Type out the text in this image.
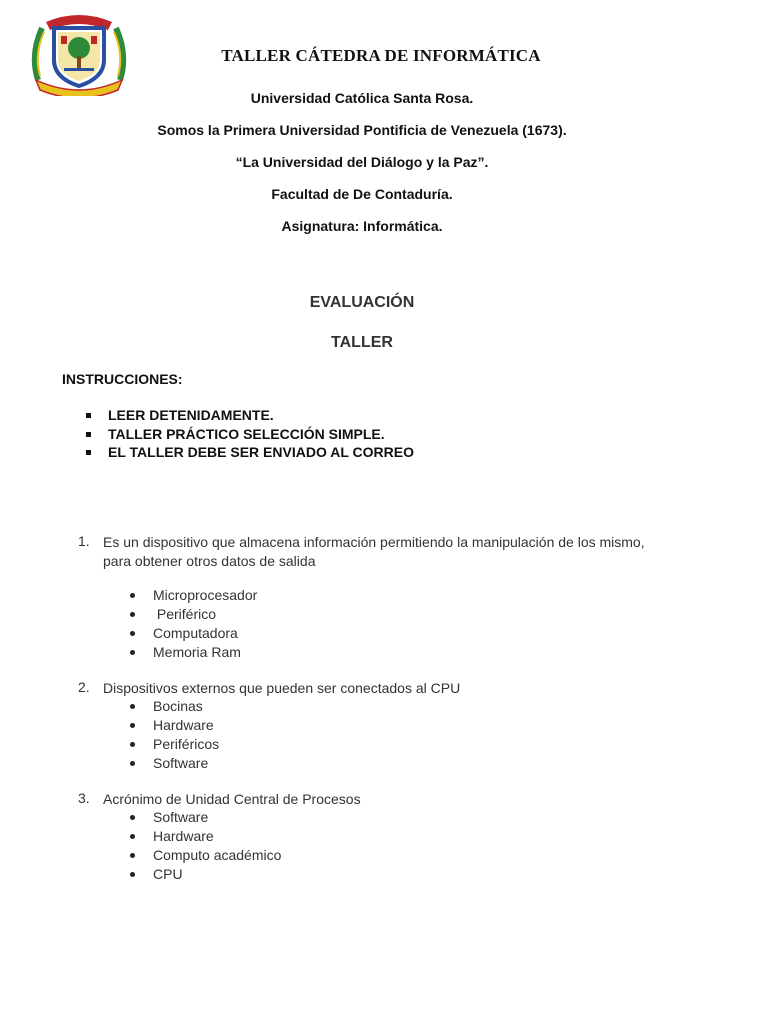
TALLER CÁTEDRA DE INFORMÁTICA
Universidad Católica Santa Rosa.
Somos la Primera Universidad Pontificia de Venezuela (1673).
“La Universidad del Diálogo y la Paz”.
Facultad de De Contaduría.
Asignatura: Informática.
EVALUACIÓN
TALLER
INSTRUCCIONES:
LEER DETENIDAMENTE.
TALLER PRÁCTICO SELECCIÓN SIMPLE.
EL TALLER DEBE SER ENVIADO AL CORREO
1. Es un dispositivo que almacena información permitiendo la manipulación de los mismo, para obtener otros datos de salida
Microprocesador
Periférico
Computadora
Memoria Ram
2. Dispositivos externos que pueden ser conectados al CPU
Bocinas
Hardware
Periféricos
Software
3. Acrónimo de Unidad Central de Procesos
Software
Hardware
Computo académico
CPU
